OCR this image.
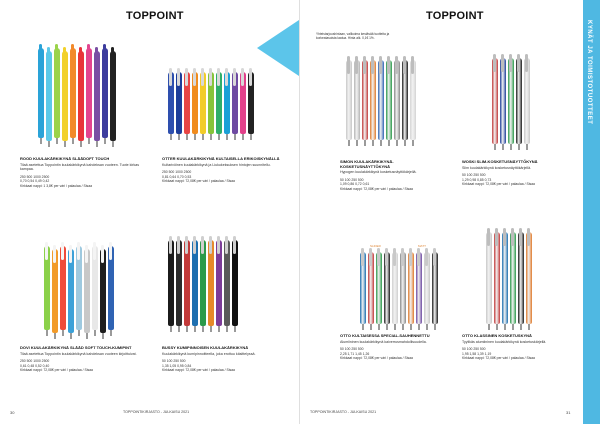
TOPPOINT
ROOD KUULAKÄRKIKYNÄ SLÄÄDOFT TOUCH
Tilaä asetettua Toppointin kuulakärkikynä kahdeksan vuoteen. Tuote kirkas kampaa.
250 500 1000 2500
0,70 0,54 0,49 0,42
Kirkkaat nappi: 1 3,8€ per vári / palaulaa / Sisaa
OTTER KUULAKÄRKIKYNÄ KULTAISELLA ERIKOISKYNÄLLÄ
Kultarivöinen kuulakärkikynä ja Liukukeksuksen hintojen suunnitellu.
250 500 1000 2500
0,81 0,64 0,70 0,53
Kirkkaat nappi: 72,08€ per vári / palaulaa / Sisaa
DOVI KUULAKÄRKIKYNÄ SLÄÄD SOFT TOUCH-KUMIPINT
Tilaä asetettua Toppointin kuulakärkikynä kahdeksan vuoteen kirjoittuivat.
250 500 1000 2500
0,61 0,48 0,52 0,40
Kirkkaat nappi: 72,08€ per vári / palaulaa / Sisaa
BUSSY KUMIPINNOISEN KUULAKÄRKIKYNÄ
Kuulakärkikynä kumipinnoitteella, joka erottuu käsittelyssä.
50 100 250 500
1,35 1,05 0,95 0,84
Kirkkaat nappi: 72,08€ per vári / palaulaa / Sisaa
30	TOPPOINTIKIRJASTO - JULKAISU 2021
TOPPOINT
SIMON KUULAKÄRKIKYNÄ-KOSKETUSNÄYTTÖKYNÄ
Hypogen kuulakärkikynä kosketusnäyttökärjellä.
50 100 250 500
1,09 0,86 0,72 0,61
Kirkkaat nappi: 72,08€ per vári / palaulaa / Sisaa
WOSKI SLIM-KOSKETUSNÄYTTÖKYNÄ
Slim kuulakärkikynä kosketusnäyttökärjellä.
50 100 250 500
1,29 0,98 0,85 0,73
Kirkkaat nappi: 72,08€ per vári / palaulaa / Sisaa
SLIDER	MATT
OTTO KULTAISESSA SPECIAL-SAUHENNETTU
Alumiininen kuulakärkikynä kaiverrusmahdollisuudella.
50 100 250 500
2,25 1,71 1,45 1,26
Kirkkaat nappi: 72,08€ per vári / palaulaa / Sisaa
OTTO KLASSINEN KOSKETUSKYNÄ
Tyylikäs alumiininen kuulakärkikynä kosketuskärjellä.
50 100 250 500
1,95 1,58 1,39 1,19
Kirkkaat nappi: 72,08€ per vári / palaulaa / Sisaa
TOPPOINTIKIRJASTO - JULKAISU 2021	31
Yhteistarjoushintaan, valikoima kestävää tuotteita ja korkeatasoista laatua. Hinta alk. 0,1€ 1%.	KYNÄT JA TOIMISTOTUOTTEET
